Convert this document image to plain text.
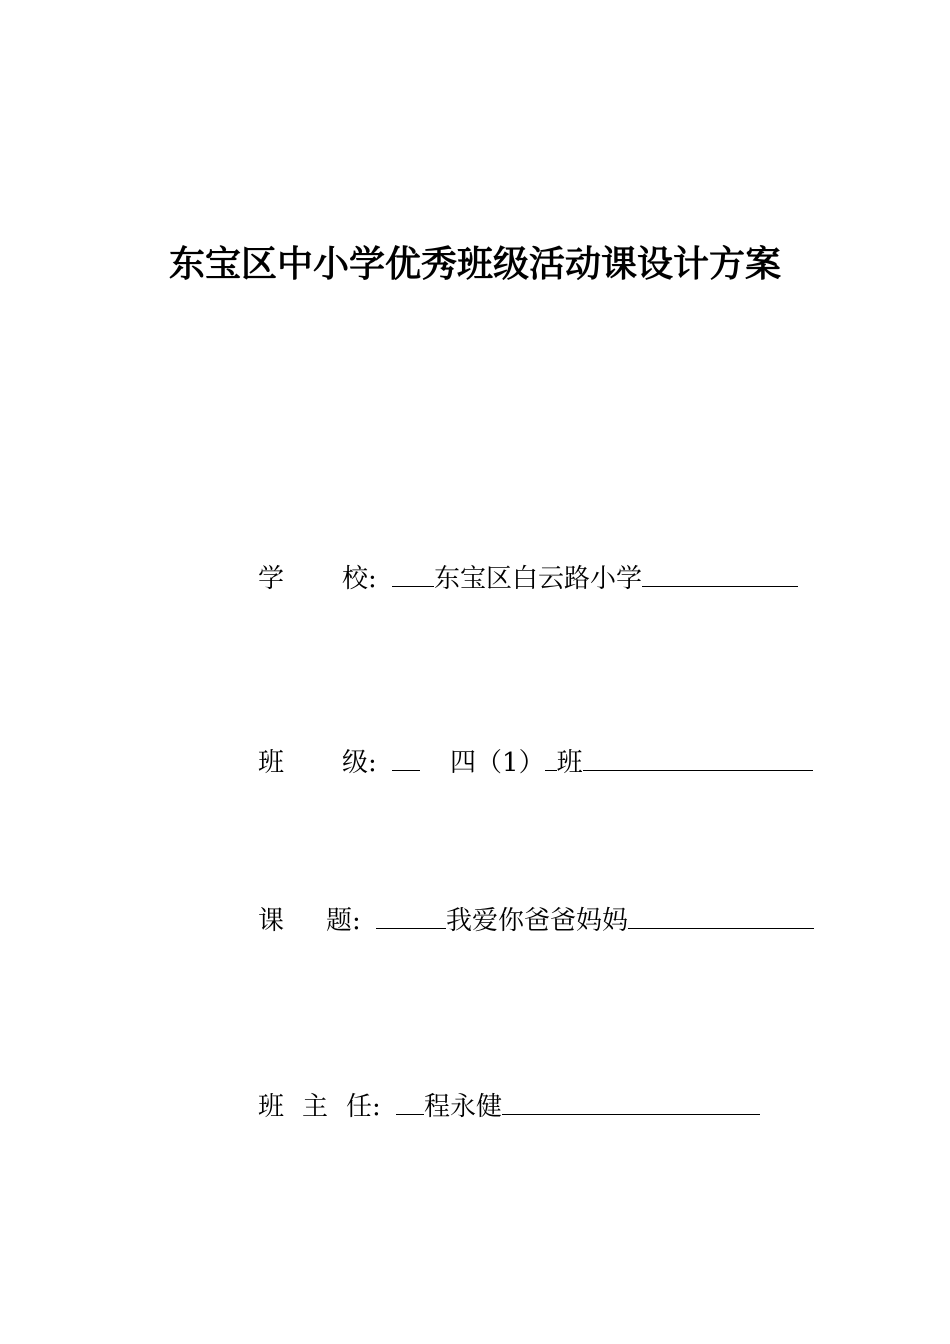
东宝区中小学优秀班级活动课设计方案
学 校: 东宝区白云路小学
班 级:	四（1） 班
课 题:	我爱你爸爸妈妈
班 主 任: 程永健
